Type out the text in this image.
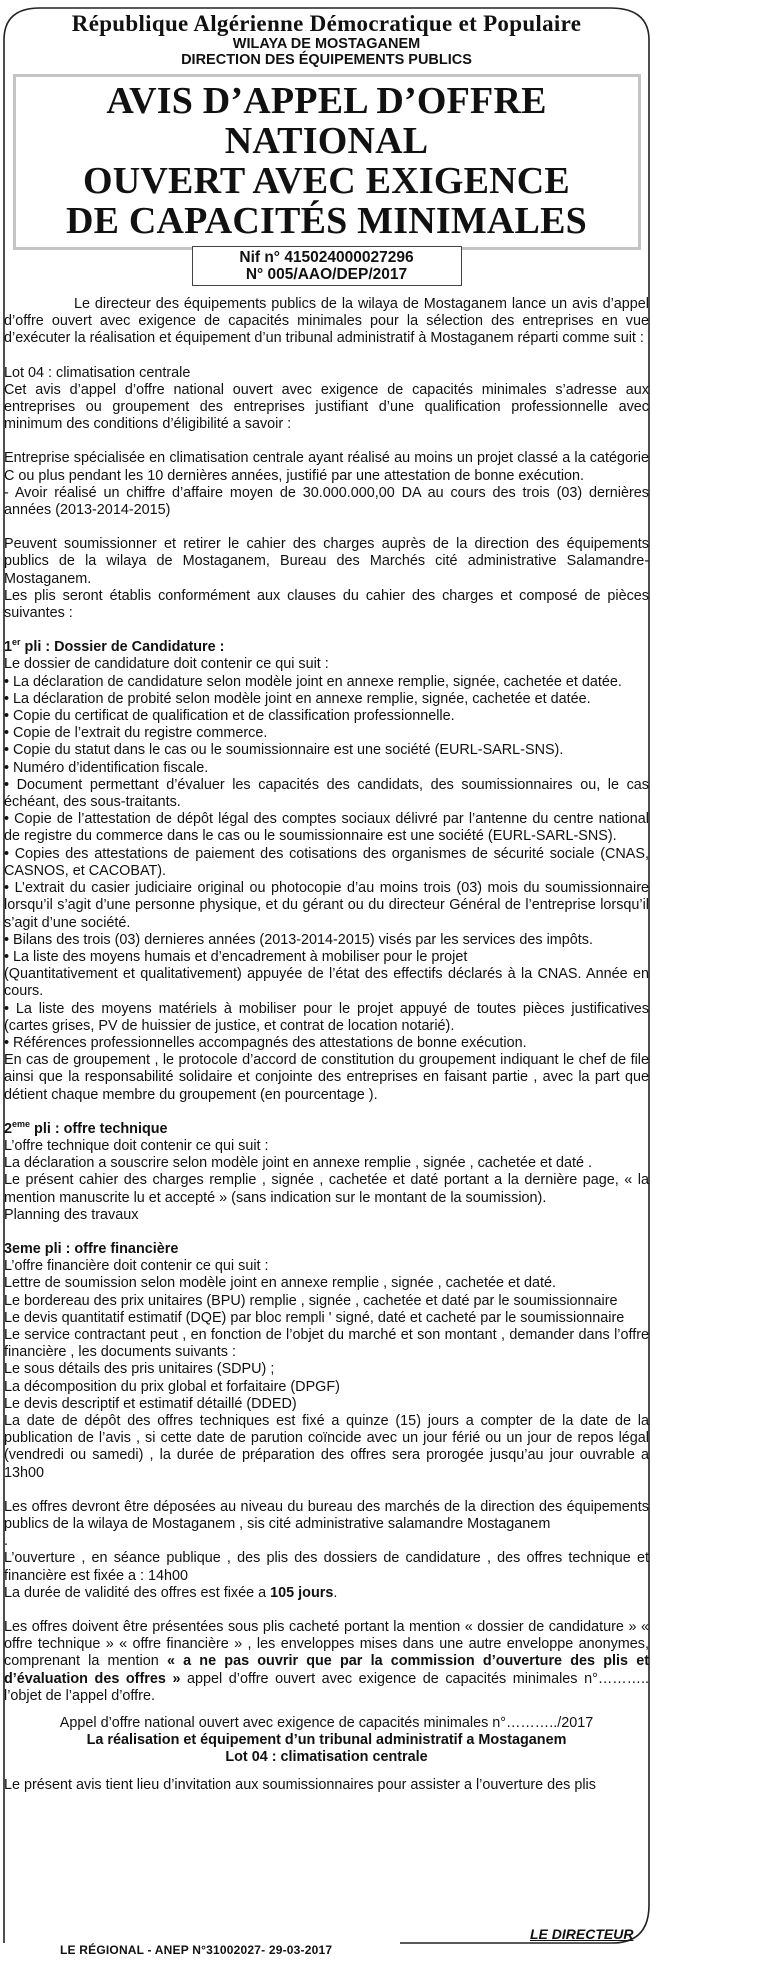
République Algérienne Démocratique et Populaire
WILAYA DE MOSTAGANEM
DIRECTION DES ÉQUIPEMENTS PUBLICS
AVIS D’APPEL D’OFFRE NATIONAL
OUVERT AVEC EXIGENCE
DE CAPACITÉS MINIMALES
Nif n° 415024000027296
N° 005/AAO/DEP/2017

Le directeur des équipements publics de la wilaya de Mostaganem lance un avis d’appel d’offre ouvert avec exigence de capacités minimales pour la sélection des entreprises en vue d’exécuter la réalisation et équipement d’un tribunal administratif à Mostaganem réparti comme suit :

Lot 04 : climatisation centrale

Cet avis d’appel d’offre national ouvert avec exigence de capacités minimales s’adresse aux entreprises ou groupement des entreprises justifiant d’une qualification professionnelle avec minimum des conditions d’éligibilité a savoir :

Entreprise spécialisée en climatisation centrale ayant réalisé au moins un projet classé a la catégorie C ou plus pendant les 10 dernières années, justifié par une attestation de bonne exécution.

- Avoir réalisé un chiffre d’affaire moyen de 30.000.000,00 DA au cours des trois (03) dernières années (2013-2014-2015)

Peuvent soumissionner et retirer le cahier des charges auprès de la direction des équipements publics de la wilaya de Mostaganem, Bureau des Marchés cité administrative Salamandre-Mostaganem.

Les plis seront établis conformément aux clauses du cahier des charges et composé de pièces suivantes :

1er pli : Dossier de Candidature :

Le dossier de candidature doit contenir ce qui suit :

• La déclaration de candidature selon modèle joint en annexe remplie, signée, cachetée et datée.

• La déclaration de probité selon modèle joint en annexe remplie, signée, cachetée et datée.

• Copie du certificat de qualification et de classification professionnelle.

• Copie de l’extrait du registre commerce.

• Copie du statut dans le cas ou le soumissionnaire est une société (EURL-SARL-SNS).

• Numéro d’identification fiscale.

• Document permettant d’évaluer les capacités des candidats, des soumissionnaires ou, le cas échéant, des sous-traitants.

• Copie de l’attestation de dépôt légal des comptes sociaux délivré par l’antenne du centre national de registre du commerce dans le cas ou le soumissionnaire est une société (EURL-SARL-SNS).

• Copies des attestations de paiement des cotisations des organismes de sécurité sociale (CNAS, CASNOS, et CACOBAT).

• L’extrait du casier judiciaire original ou photocopie d’au moins trois (03) mois du soumissionnaire lorsqu’il s’agit d’une personne physique, et du gérant ou du directeur Général de l’entreprise lorsqu’il s’agit d’une société.

• Bilans des trois (03) dernieres années (2013-2014-2015) visés par les services des impôts.

• La liste des moyens humais et d’encadrement à mobiliser pour le projet

(Quantitativement et qualitativement) appuyée de l’état des effectifs déclarés à la CNAS. Année en cours.

• La liste des moyens matériels à mobiliser pour le projet appuyé de toutes pièces justificatives (cartes grises, PV de huissier de justice, et contrat de location notarié).

• Références professionnelles accompagnés des attestations de bonne exécution.

En cas de groupement , le protocole d’accord de constitution du groupement indiquant le chef de file ainsi que la responsabilité solidaire et conjointe des entreprises en faisant partie , avec la part que détient chaque membre du groupement (en pourcentage ).

2eme pli : offre technique

L’offre technique doit contenir ce qui suit :

La déclaration a souscrire selon modèle joint en annexe remplie , signée , cachetée et daté .

Le présent cahier des charges remplie , signée , cachetée et daté portant a la dernière page, « la mention manuscrite lu et accepté » (sans indication sur le montant de la soumission).

Planning des travaux

3eme pli : offre financière

L’offre financière doit contenir ce qui suit :

Lettre de soumission selon modèle joint en annexe remplie , signée , cachetée et daté.

Le bordereau des prix unitaires (BPU) remplie , signée , cachetée et daté par le soumissionnaire

Le devis quantitatif estimatif (DQE) par bloc rempli ' signé, daté et cacheté par le soumissionnaire

Le service contractant peut , en fonction de l’objet du marché et son montant , demander dans l’offre financière , les documents suivants :

Le sous détails des pris unitaires (SDPU) ;

La décomposition du prix global et forfaitaire (DPGF)

Le devis descriptif et estimatif détaillé (DDED)

La date de dépôt des offres techniques est fixé a quinze (15) jours a compter de la date de la publication de l’avis , si cette date de parution coïncide avec un jour férié ou un jour de repos légal (vendredi ou samedi) , la durée de préparation des offres sera prorogée jusqu’au jour ouvrable a 13h00

Les offres devront être déposées au niveau du bureau des marchés de la direction des équipements publics de la wilaya de Mostaganem , sis cité administrative salamandre Mostaganem

.

L’ouverture , en séance publique , des plis des dossiers de candidature , des offres technique et financière est fixée a : 14h00

La durée de validité des offres est fixée a 105 jours.

Les offres doivent être présentées sous plis cacheté portant la mention « dossier de candidature » « offre technique » « offre financière » , les enveloppes mises dans une autre enveloppe anonymes, comprenant la mention « a ne pas ouvrir que par la commission d’ouverture des plis et d’évaluation des offres » appel d’offre ouvert avec exigence de capacités minimales n°……….. l’objet de l’appel d’offre.

Appel d’offre national ouvert avec exigence de capacités minimales n°………../2017

La réalisation et équipement d’un tribunal administratif a Mostaganem

Lot 04 : climatisation centrale

Le présent avis tient lieu d’invitation aux soumissionnaires pour assister a l’ouverture des plis

LE DIRECTEUR
LE RÉGIONAL - ANEP N°31002027- 29-03-2017
